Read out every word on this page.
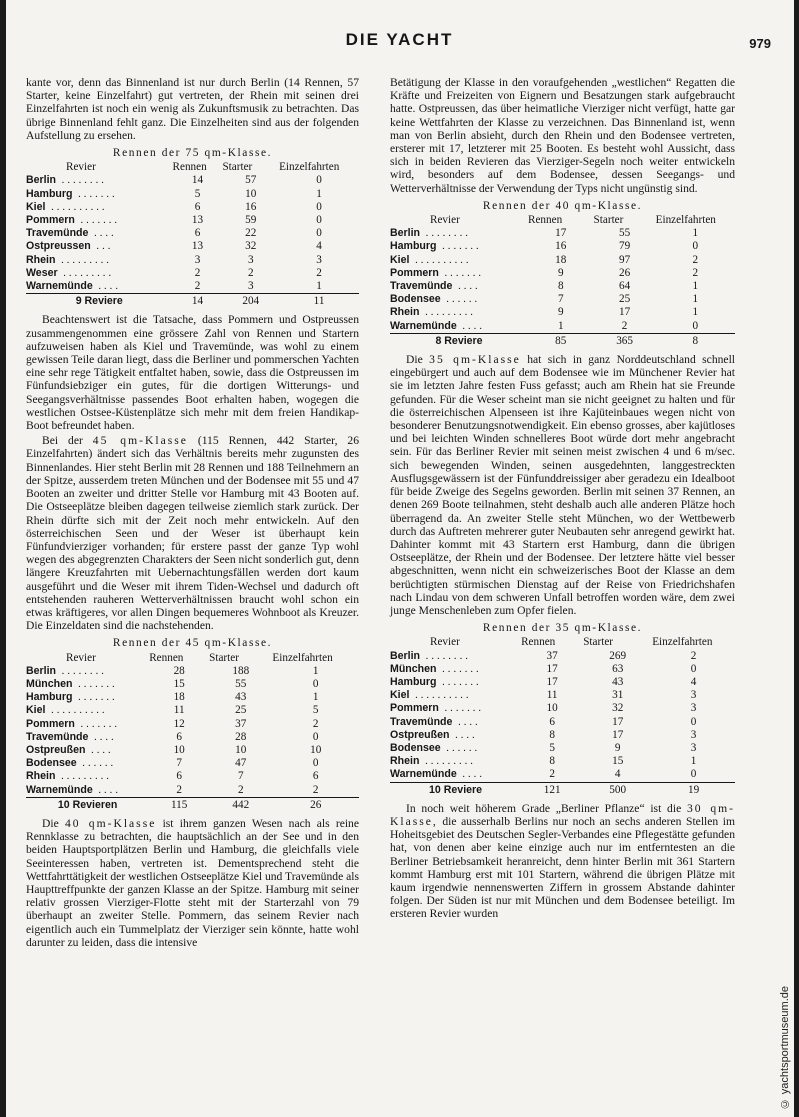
DIE YACHT	979

kante vor, denn das Binnenland ist nur durch Berlin (14 Rennen, 57 Starter, keine Einzelfahrt) gut vertreten, der Rhein mit seinen drei Einzelfahrten ist noch ein wenig als Zukunftsmusik zu betrachten. Das übrige Binnenland fehlt ganz. Die Einzelheiten sind aus der folgenden Aufstellung zu ersehen.

Rennen der 75 qm-Klasse.
Revier	Rennen	Starter	Einzelfahrten
Berlin ........	14	57	0
Hamburg .......	5	10	1
Kiel ..........	6	16	0
Pommern .......	13	59	0
Travemünde ....	6	22	0
Ostpreussen ...	13	32	4
Rhein .........	3	3	3
Weser .........	2	2	2
Warnemünde ....	2	3	1
9 Reviere	14	204	11

Beachtenswert ist die Tatsache, dass Pommern und Ostpreussen zusammengenommen eine grössere Zahl von Rennen und Startern aufzuweisen haben als Kiel und Travemünde, was wohl zu einem gewissen Teile daran liegt, dass die Berliner und pommerschen Yachten eine sehr rege Tätigkeit entfaltet haben, sowie, dass die Ostpreussen im Fünfundsiebziger ein gutes, für die dortigen Witterungs- und Seegangsverhältnisse passendes Boot erhalten haben, wogegen die westlichen Ostsee-Küstenplätze sich mehr mit dem freien Handikap-Boot befreundet haben.

Bei der 45 qm-Klasse (115 Rennen, 442 Starter, 26 Einzelfahrten) ändert sich das Verhältnis bereits mehr zugunsten des Binnenlandes. Hier steht Berlin mit 28 Rennen und 188 Teilnehmern an der Spitze, ausserdem treten München und der Bodensee mit 55 und 47 Booten an zweiter und dritter Stelle vor Hamburg mit 43 Booten auf. Die Ostseeplätze bleiben dagegen teilweise ziemlich stark zurück. Der Rhein dürfte sich mit der Zeit noch mehr entwickeln. Auf den österreichischen Seen und der Weser ist überhaupt kein Fünfundvierziger vorhanden; für erstere passt der ganze Typ wohl wegen des abgegrenzten Charakters der Seen nicht sonderlich gut, denn längere Kreuzfahrten mit Uebernachtungsfällen werden dort kaum ausgeführt und die Weser mit ihrem Tiden-Wechsel und dadurch oft entstehenden rauheren Wetterverhältnissen braucht wohl schon ein etwas kräftigeres, vor allen Dingen bequemeres Wohnboot als Kreuzer. Die Einzeldaten sind die nachstehenden.

Rennen der 45 qm-Klasse.
Revier	Rennen	Starter	Einzelfahrten
Berlin ........	28	188	1
München .......	15	55	0
Hamburg .......	18	43	1
Kiel ..........	11	25	5
Pommern .......	12	37	2
Travemünde ....	6	28	0
Ostpreußen ....	10	10	10
Bodensee ......	7	47	0
Rhein .........	6	7	6
Warnemünde ....	2	2	2
10 Revieren	115	442	26

Die 40 qm-Klasse ist ihrem ganzen Wesen nach als reine Rennklasse zu betrachten, die hauptsächlich an der See und in den beiden Hauptsportplätzen Berlin und Hamburg, die gleichfalls viele Seeinteressen haben, vertreten ist. Dementsprechend steht die Wettfahrttätigkeit der westlichen Ostseeplätze Kiel und Travemünde als Haupttreffpunkte der ganzen Klasse an der Spitze. Hamburg mit seiner relativ grossen Vierziger-Flotte steht mit der Starterzahl von 79 überhaupt an zweiter Stelle. Pommern, das seinem Revier nach eigentlich auch ein Tummelplatz der Vierziger sein könnte, hatte wohl darunter zu leiden, dass die intensive

Betätigung der Klasse in den voraufgehenden „westlichen“ Regatten die Kräfte und Freizeiten von Eignern und Besatzungen stark aufgebraucht hatte. Ostpreussen, das über heimatliche Vierziger nicht verfügt, hatte gar keine Wettfahrten der Klasse zu verzeichnen. Das Binnenland ist, wenn man von Berlin absieht, durch den Rhein und den Bodensee vertreten, ersterer mit 17, letzterer mit 25 Booten. Es besteht wohl Aussicht, dass sich in beiden Revieren das Vierziger-Segeln noch weiter entwickeln wird, besonders auf dem Bodensee, dessen Seegangs- und Wetterverhältnisse der Verwendung der Typs nicht ungünstig sind.

Rennen der 40 qm-Klasse.
Revier	Rennen	Starter	Einzelfahrten
Berlin ........	17	55	1
Hamburg .......	16	79	0
Kiel ..........	18	97	2
Pommern .......	9	26	2
Travemünde ....	8	64	1
Bodensee ......	7	25	1
Rhein .........	9	17	1
Warnemünde ....	1	2	0
8 Reviere	85	365	8

Die 35 qm-Klasse hat sich in ganz Norddeutschland schnell eingebürgert und auch auf dem Bodensee wie im Münchener Revier hat sie im letzten Jahre festen Fuss gefasst; auch am Rhein hat sie Freunde gefunden. Für die Weser scheint man sie nicht geeignet zu halten und für die österreichischen Alpenseen ist ihre Kajüteinbaues wegen nicht von besonderer Benutzungsnotwendigkeit. Ein ebenso grosses, aber kajütloses und bei leichten Winden schnelleres Boot würde dort mehr angebracht sein. Für das Berliner Revier mit seinen meist zwischen 4 und 6 m/sec. sich bewegenden Winden, seinen ausgedehnten, langgestreckten Ausflugsgewässern ist der Fünfunddreissiger aber geradezu ein Idealboot für beide Zweige des Segelns geworden. Berlin mit seinen 37 Rennen, an denen 269 Boote teilnahmen, steht deshalb auch alle anderen Plätze hoch überragend da. An zweiter Stelle steht München, wo der Wettbewerb durch das Auftreten mehrerer guter Neubauten sehr anregend gewirkt hat. Dahinter kommt mit 43 Startern erst Hamburg, dann die übrigen Ostseeplätze, der Rhein und der Bodensee. Der letztere hätte viel besser abgeschnitten, wenn nicht ein schweizerisches Boot der Klasse an dem berüchtigten stürmischen Dienstag auf der Reise von Friedrichshafen nach Lindau von dem schweren Unfall betroffen worden wäre, dem zwei junge Menschenleben zum Opfer fielen.

Rennen der 35 qm-Klasse.
Revier	Rennen	Starter	Einzelfahrten
Berlin ........	37	269	2
München .......	17	63	0
Hamburg .......	17	43	4
Kiel ..........	11	31	3
Pommern .......	10	32	3
Travemünde ....	6	17	0
Ostpreußen ....	8	17	3
Bodensee ......	5	9	3
Rhein .........	8	15	1
Warnemünde ....	2	4	0
10 Reviere	121	500	19

In noch weit höherem Grade „Berliner Pflanze“ ist die 30 qm-Klasse, die ausserhalb Berlins nur noch an sechs anderen Stellen im Hoheitsgebiet des Deutschen Segler-Verbandes eine Pflegestätte gefunden hat, von denen aber keine einzige auch nur im entferntesten an die Berliner Betriebsamkeit heranreicht, denn hinter Berlin mit 361 Startern kommt Hamburg erst mit 101 Startern, während die übrigen Plätze mit kaum irgendwie nennenswerten Ziffern in grossem Abstande dahinter folgen. Der Süden ist nur mit München und dem Bodensee beteiligt. Im ersteren Revier wurden

© yachtsportmuseum.de
